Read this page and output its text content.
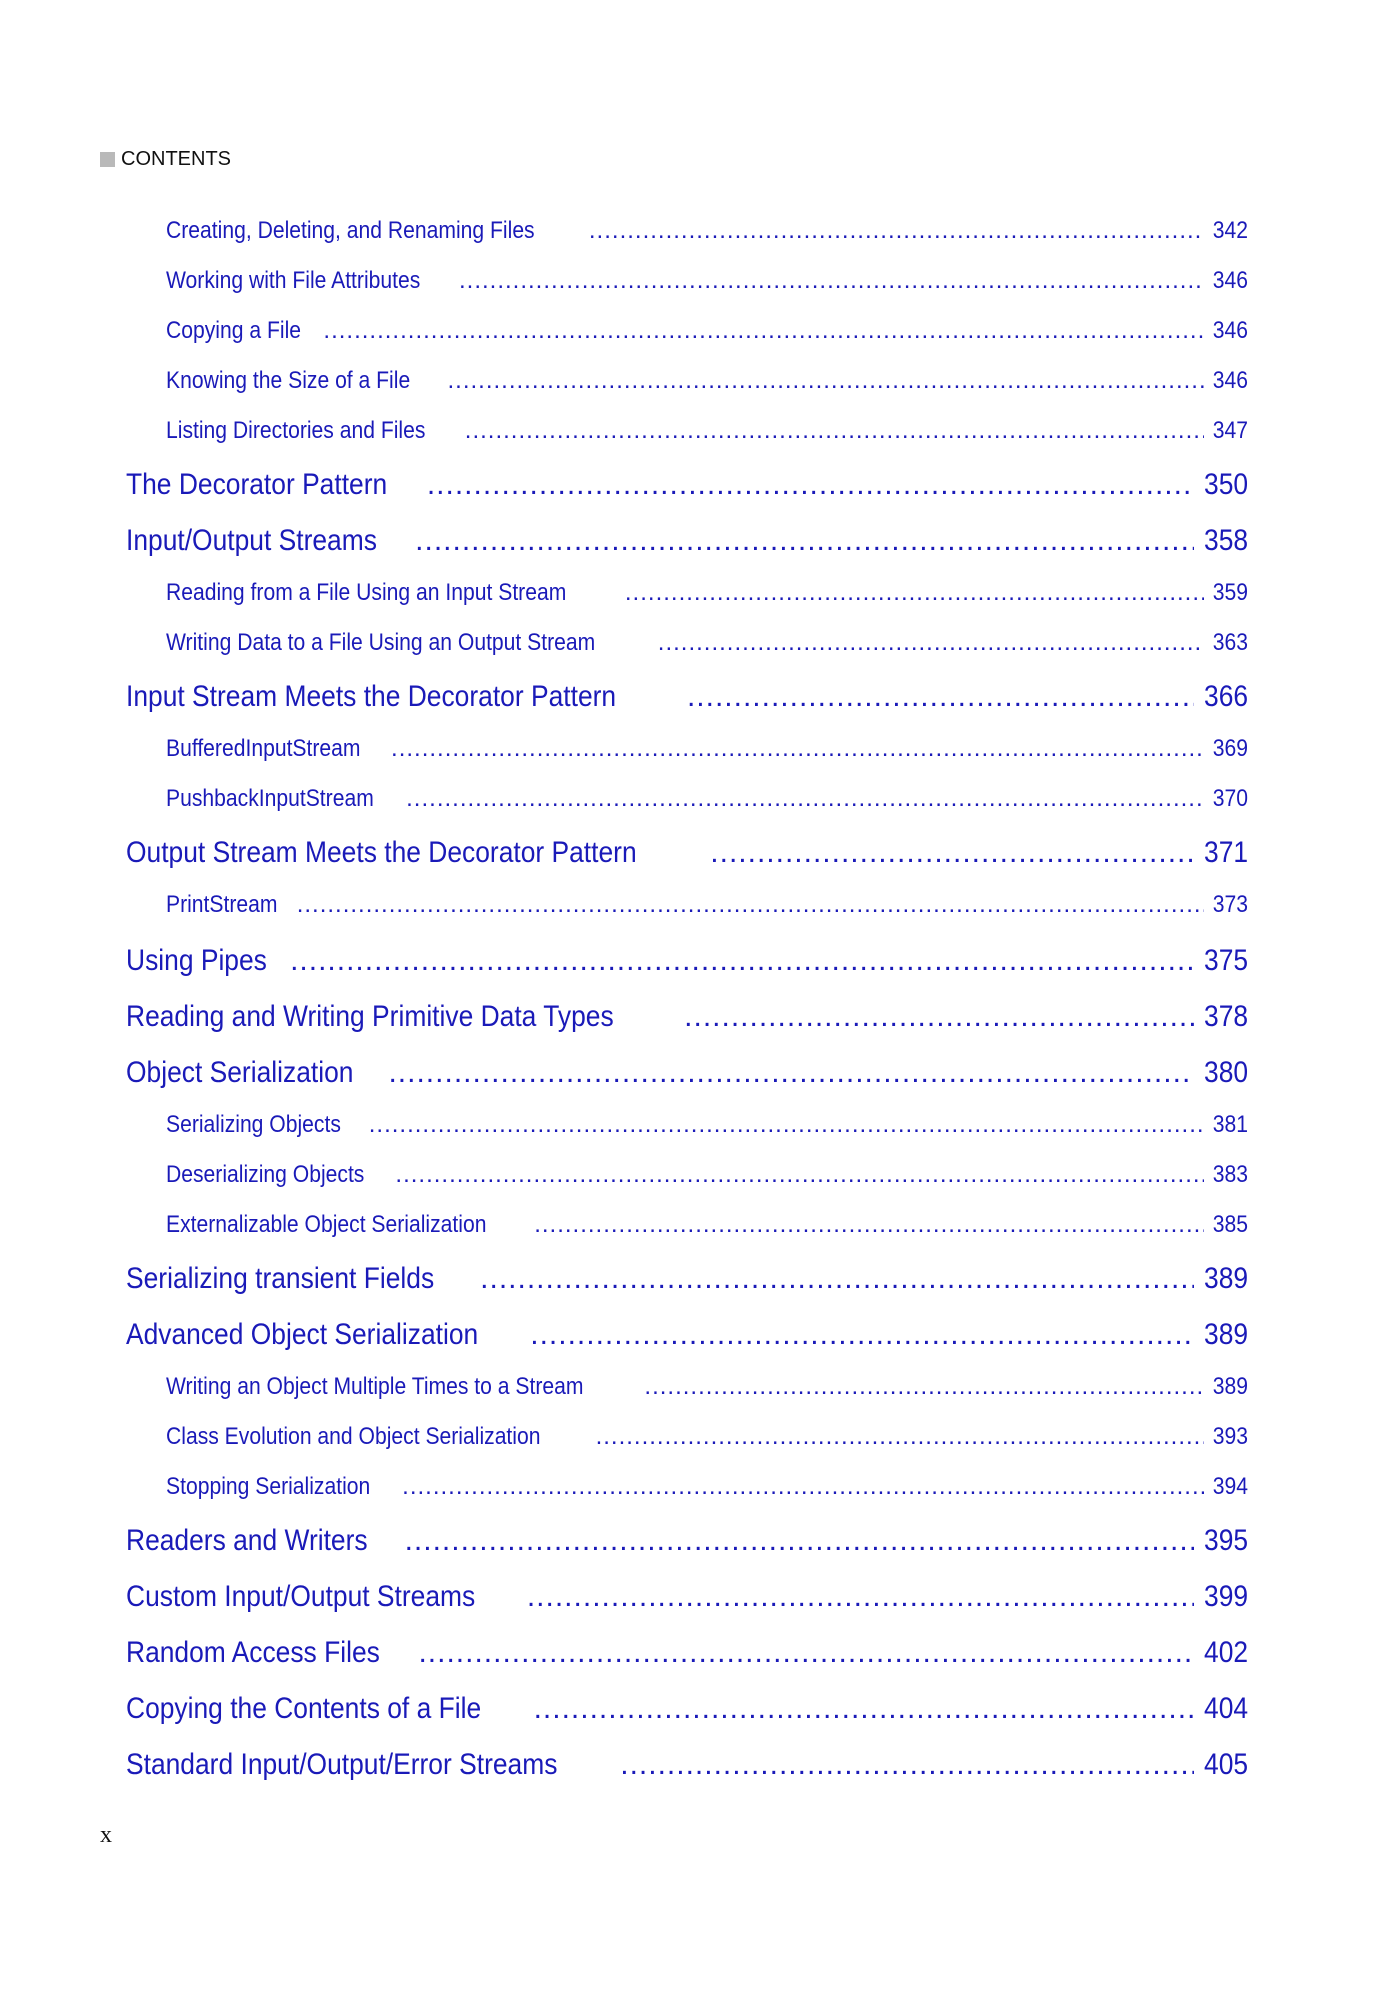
CONTENTS
Creating, Deleting, and Renaming Files .....	342
Working with File Attributes .....	346
Copying a File .....	346
Knowing the Size of a File .....	346
Listing Directories and Files .....	347
The Decorator Pattern .....	350
Input/Output Streams .....	358
Reading from a File Using an Input Stream .....	359
Writing Data to a File Using an Output Stream .....	363
Input Stream Meets the Decorator Pattern .....	366
BufferedInputStream .....	369
PushbackInputStream .....	370
Output Stream Meets the Decorator Pattern .....	371
PrintStream .....	373
Using Pipes .....	375
Reading and Writing Primitive Data Types .....	378
Object Serialization .....	380
Serializing Objects .....	381
Deserializing Objects .....	383
Externalizable Object Serialization .....	385
Serializing transient Fields .....	389
Advanced Object Serialization .....	389
Writing an Object Multiple Times to a Stream .....	389
Class Evolution and Object Serialization .....	393
Stopping Serialization .....	394
Readers and Writers .....	395
Custom Input/Output Streams .....	399
Random Access Files .....	402
Copying the Contents of a File .....	404
Standard Input/Output/Error Streams .....	405
x
